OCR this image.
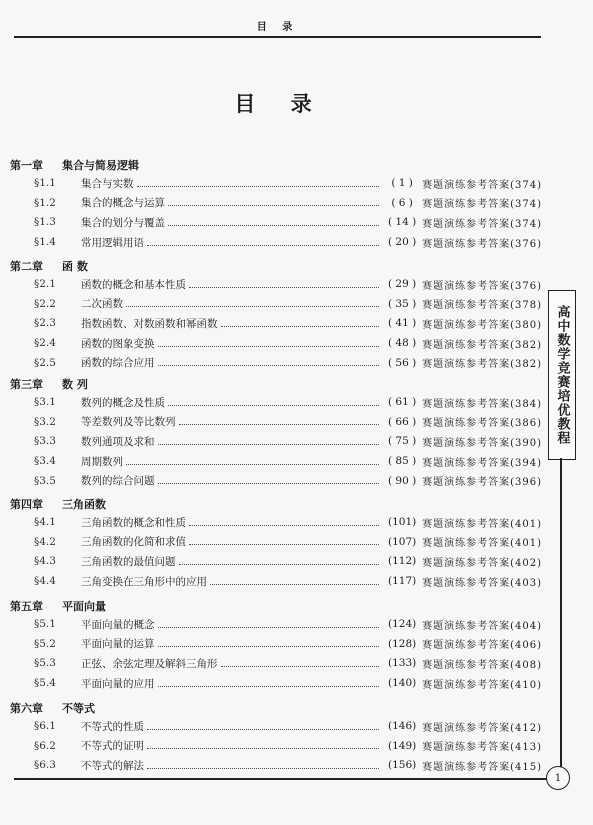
目 录
目 录
第一章 集合与简易逻辑
§1.1	集合与实数	( 1 ) 赛题演练参考答案(374)
§1.2	集合的概念与运算	( 6 ) 赛题演练参考答案(374)
§1.3	集合的划分与覆盖	( 14 ) 赛题演练参考答案(374)
§1.4	常用逻辑用语	( 20 ) 赛题演练参考答案(376)
第二章 函 数
§2.1	函数的概念和基本性质	( 29 ) 赛题演练参考答案(376)
§2.2	二次函数	( 35 ) 赛题演练参考答案(378)
§2.3	指数函数、对数函数和幂函数	( 41 ) 赛题演练参考答案(380)
§2.4	函数的图象变换	( 48 ) 赛题演练参考答案(382)
§2.5	函数的综合应用	( 56 ) 赛题演练参考答案(382)
第三章 数 列
§3.1	数列的概念及性质	( 61 ) 赛题演练参考答案(384)
§3.2	等差数列及等比数列	( 66 ) 赛题演练参考答案(386)
§3.3	数列通项及求和	( 75 ) 赛题演练参考答案(390)
§3.4	周期数列	( 85 ) 赛题演练参考答案(394)
§3.5	数列的综合问题	( 90 ) 赛题演练参考答案(396)
第四章 三角函数
§4.1	三角函数的概念和性质	(101) 赛题演练参考答案(401)
§4.2	三角函数的化简和求值	(107) 赛题演练参考答案(401)
§4.3	三角函数的最值问题	(112) 赛题演练参考答案(402)
§4.4	三角变换在三角形中的应用	(117) 赛题演练参考答案(403)
第五章 平面向量
§5.1	平面向量的概念	(124) 赛题演练参考答案(404)
§5.2	平面向量的运算	(128) 赛题演练参考答案(406)
§5.3	正弦、余弦定理及解斜三角形	(133) 赛题演练参考答案(408)
§5.4	平面向量的应用	(140) 赛题演练参考答案(410)
第六章 不等式
§6.1	不等式的性质	(146) 赛题演练参考答案(412)
§6.2	不等式的证明	(149) 赛题演练参考答案(413)
§6.3	不等式的解法	(156) 赛题演练参考答案(415)
高中数学竞赛培优教程
1
